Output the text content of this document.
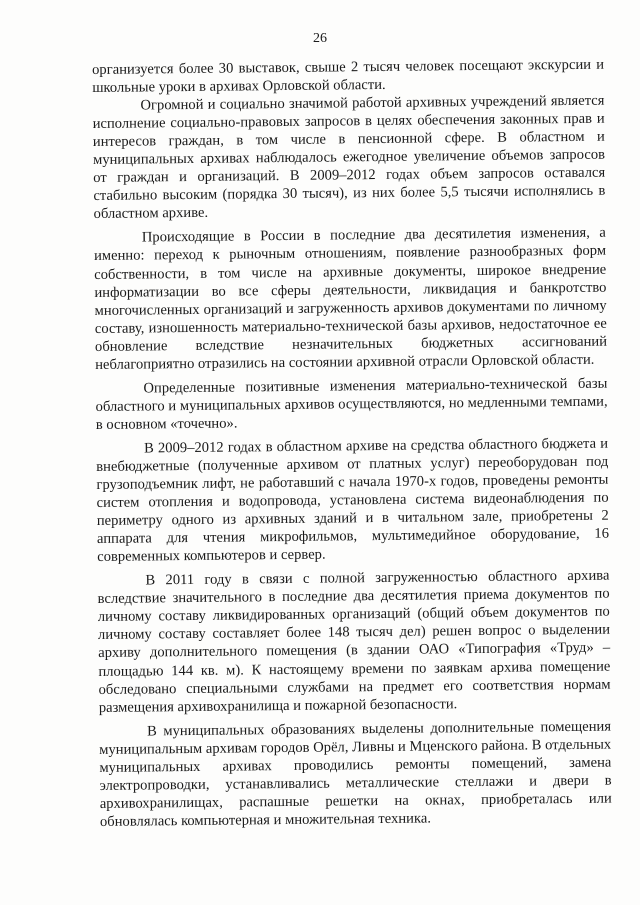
26

организуется более 30 выставок, свыше 2 тысяч человек посещают экскурсии и школьные уроки в архивах Орловской области.

Огромной и социально значимой работой архивных учреждений является исполнение социально-правовых запросов в целях обеспечения законных прав и интересов граждан, в том числе в пенсионной сфере. В областном и муниципальных архивах наблюдалось ежегодное увеличение объемов запросов от граждан и организаций. В 2009–2012 годах объем запросов оставался стабильно высоким (порядка 30 тысяч), из них более 5,5 тысячи исполнялись в областном архиве.

Происходящие в России в последние два десятилетия изменения, а именно: переход к рыночным отношениям, появление разнообразных форм собственности, в том числе на архивные документы, широкое внедрение информатизации во все сферы деятельности, ликвидация и банкротство многочисленных организаций и загруженность архивов документами по личному составу, изношенность материально-технической базы архивов, недостаточное ее обновление вследствие незначительных бюджетных ассигнований неблагоприятно отразились на состоянии архивной отрасли Орловской области.

Определенные позитивные изменения материально-технической базы областного и муниципальных архивов осуществляются, но медленными темпами, в основном «точечно».

В 2009–2012 годах в областном архиве на средства областного бюджета и внебюджетные (полученные архивом от платных услуг) переоборудован под грузоподъемник лифт, не работавший с начала 1970-х годов, проведены ремонты систем отопления и водопровода, установлена система видеонаблюдения по периметру одного из архивных зданий и в читальном зале, приобретены 2 аппарата для чтения микрофильмов, мультимедийное оборудование, 16 современных компьютеров и сервер.

В 2011 году в связи с полной загруженностью областного архива вследствие значительного в последние два десятилетия приема документов по личному составу ликвидированных организаций (общий объем документов по личному составу составляет более 148 тысяч дел) решен вопрос о выделении архиву дополнительного помещения (в здании ОАО «Типография «Труд» – площадью 144 кв. м). К настоящему времени по заявкам архива помещение обследовано специальными службами на предмет его соответствия нормам размещения архивохранилища и пожарной безопасности.

В муниципальных образованиях выделены дополнительные помещения муниципальным архивам городов Орёл, Ливны и Мценского района. В отдельных муниципальных архивах проводились ремонты помещений, замена электропроводки, устанавливались металлические стеллажи и двери в архивохранилищах, распашные решетки на окнах, приобреталась или обновлялась компьютерная и множительная техника.
